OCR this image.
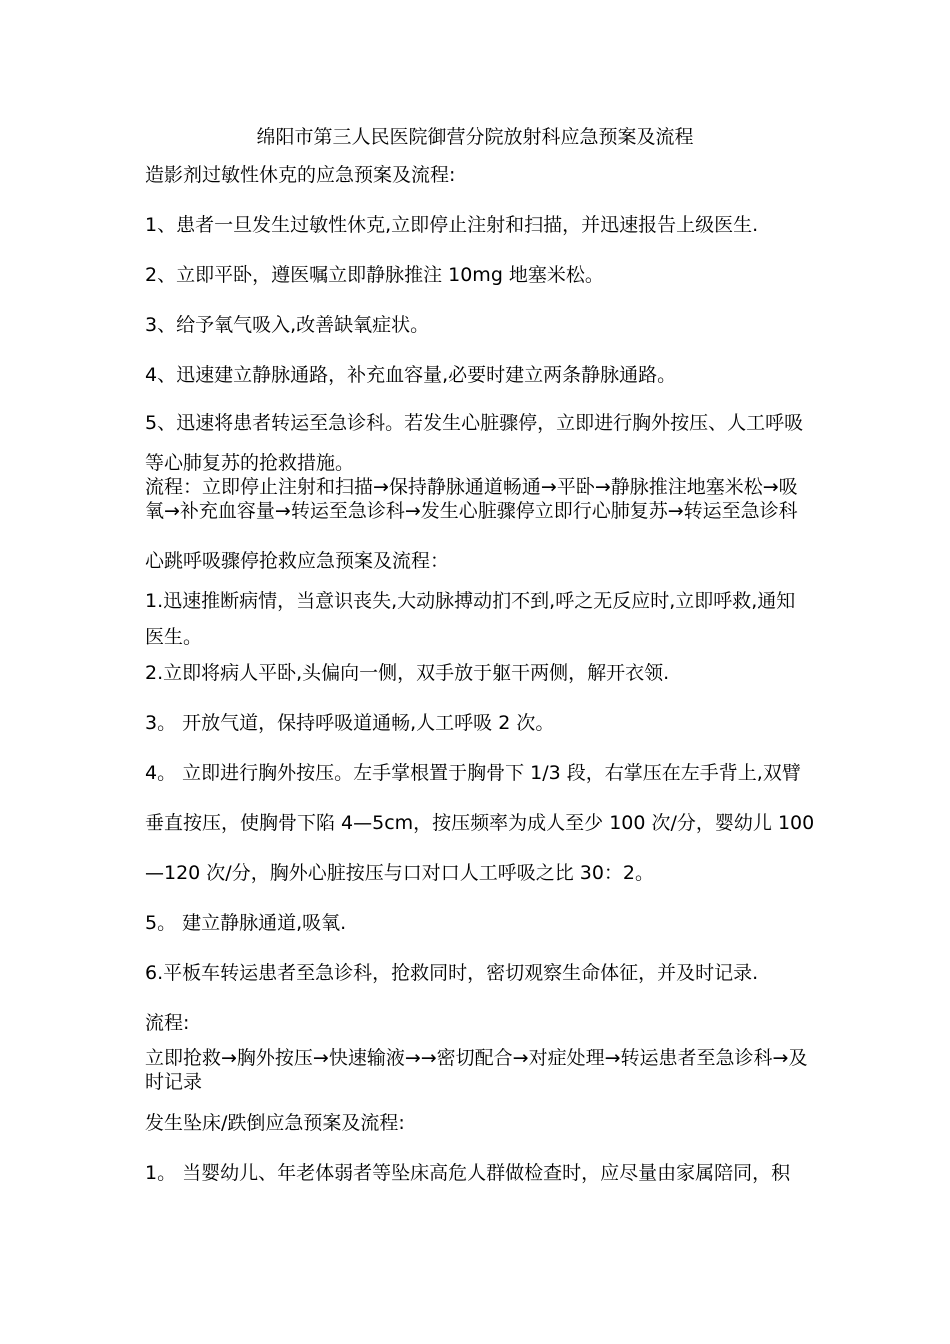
绵阳市第三人民医院御营分院放射科应急预案及流程
造影剂过敏性休克的应急预案及流程:
1、患者一旦发生过敏性休克,立即停止注射和扫描，并迅速报告上级医生.
2、立即平卧，遵医嘱立即静脉推注 10mg 地塞米松。
3、给予氧气吸入,改善缺氧症状。
4、迅速建立静脉通路，补充血容量,必要时建立两条静脉通路。
5、迅速将患者转运至急诊科。若发生心脏骤停，立即进行胸外按压、人工呼吸
等心肺复苏的抢救措施。
流程：立即停止注射和扫描→保持静脉通道畅通→平卧→静脉推注地塞米松→吸氧→补充血容量→转运至急诊科→发生心脏骤停立即行心肺复苏→转运至急诊科
心跳呼吸骤停抢救应急预案及流程：
1.迅速推断病情，当意识丧失,大动脉搏动扪不到,呼之无反应时,立即呼救,通知
医生。
2.立即将病人平卧,头偏向一侧，双手放于躯干两侧，解开衣领.
3。 开放气道，保持呼吸道通畅,人工呼吸 2 次。
4。 立即进行胸外按压。左手掌根置于胸骨下 1/3 段，右掌压在左手背上,双臂
垂直按压，使胸骨下陷 4—5cm，按压频率为成人至少 100 次/分，婴幼儿 100
—120 次/分，胸外心脏按压与口对口人工呼吸之比 30：2。
5。 建立静脉通道,吸氧.
6.平板车转运患者至急诊科，抢救同时，密切观察生命体征，并及时记录.
流程:
立即抢救→胸外按压→快速输液→→密切配合→对症处理→转运患者至急诊科→及时记录
发生坠床/跌倒应急预案及流程:
1。 当婴幼儿、年老体弱者等坠床高危人群做检查时，应尽量由家属陪同，积
